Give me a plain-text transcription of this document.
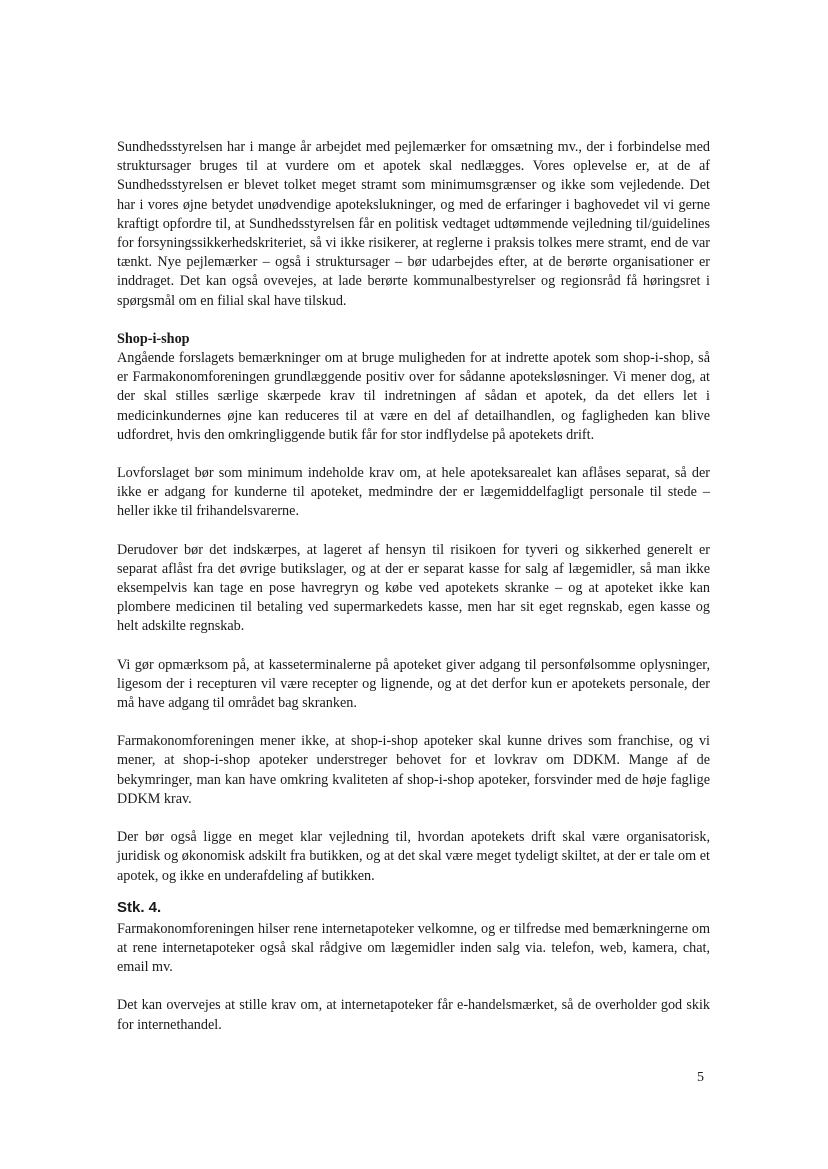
Sundhedsstyrelsen har i mange år arbejdet med pejlemærker for omsætning mv., der i forbindelse med struktursager bruges til at vurdere om et apotek skal nedlægges. Vores oplevelse er, at de af Sundhedsstyrelsen er blevet tolket meget stramt som minimumsgrænser og ikke som vejledende. Det har i vores øjne betydet unødvendige apotekslukninger, og med de erfaringer i baghovedet vil vi gerne kraftigt opfordre til, at Sundhedsstyrelsen får en politisk vedtaget udtømmende vejledning til/guidelines for forsyningssikkerhedskriteriet, så vi ikke risikerer, at reglerne i praksis tolkes mere stramt, end de var tænkt. Nye pejlemærker – også i struktursager – bør udarbejdes efter, at de berørte organisationer er inddraget. Det kan også ovevejes, at lade berørte kommunalbestyrelser og regionsråd få høringsret i spørgsmål om en filial skal have tilskud.

Shop-i-shop

Angående forslagets bemærkninger om at bruge muligheden for at indrette apotek som shop-i-shop, så er Farmakonomforeningen grundlæggende positiv over for sådanne apoteksløsninger. Vi mener dog, at der skal stilles særlige skærpede krav til indretningen af sådan et apotek, da det ellers let i medicinkundernes øjne kan reduceres til at være en del af detailhandlen, og fagligheden kan blive udfordret, hvis den omkringliggende butik får for stor indflydelse på apotekets drift.

Lovforslaget bør som minimum indeholde krav om, at hele apoteksarealet kan aflåses separat, så der ikke er adgang for kunderne til apoteket, medmindre der er lægemiddelfagligt personale til stede – heller ikke til frihandelsvarerne.

Derudover bør det indskærpes, at lageret af hensyn til risikoen for tyveri og sikkerhed generelt er separat aflåst fra det øvrige butikslager, og at der er separat kasse for salg af lægemidler, så man ikke eksempelvis kan tage en pose havregryn og købe ved apotekets skranke – og at apoteket ikke kan plombere medicinen til betaling ved supermarkedets kasse, men har sit eget regnskab, egen kasse og helt adskilte regnskab.

Vi gør opmærksom på, at kasseterminalerne på apoteket giver adgang til personfølsomme oplysninger, ligesom der i recepturen vil være recepter og lignende, og at det derfor kun er apotekets personale, der må have adgang til området bag skranken.

Farmakonomforeningen mener ikke, at shop-i-shop apoteker skal kunne drives som franchise, og vi mener, at shop-i-shop apoteker understreger behovet for et lovkrav om DDKM. Mange af de bekymringer, man kan have omkring kvaliteten af shop-i-shop apoteker, forsvinder med de høje faglige DDKM krav.

Der bør også ligge en meget klar vejledning til, hvordan apotekets drift skal være organisatorisk, juridisk og økonomisk adskilt fra butikken, og at det skal være meget tydeligt skiltet, at der er tale om et apotek, og ikke en underafdeling af butikken.

Stk. 4.

Farmakonomforeningen hilser rene internetapoteker velkomne, og er tilfredse med bemærkningerne om at rene internetapoteker også skal rådgive om lægemidler inden salg via. telefon, web, kamera, chat, email mv.

Det kan overvejes at stille krav om, at internetapoteker får e-handelsmærket, så de overholder god skik for internethandel.

5
